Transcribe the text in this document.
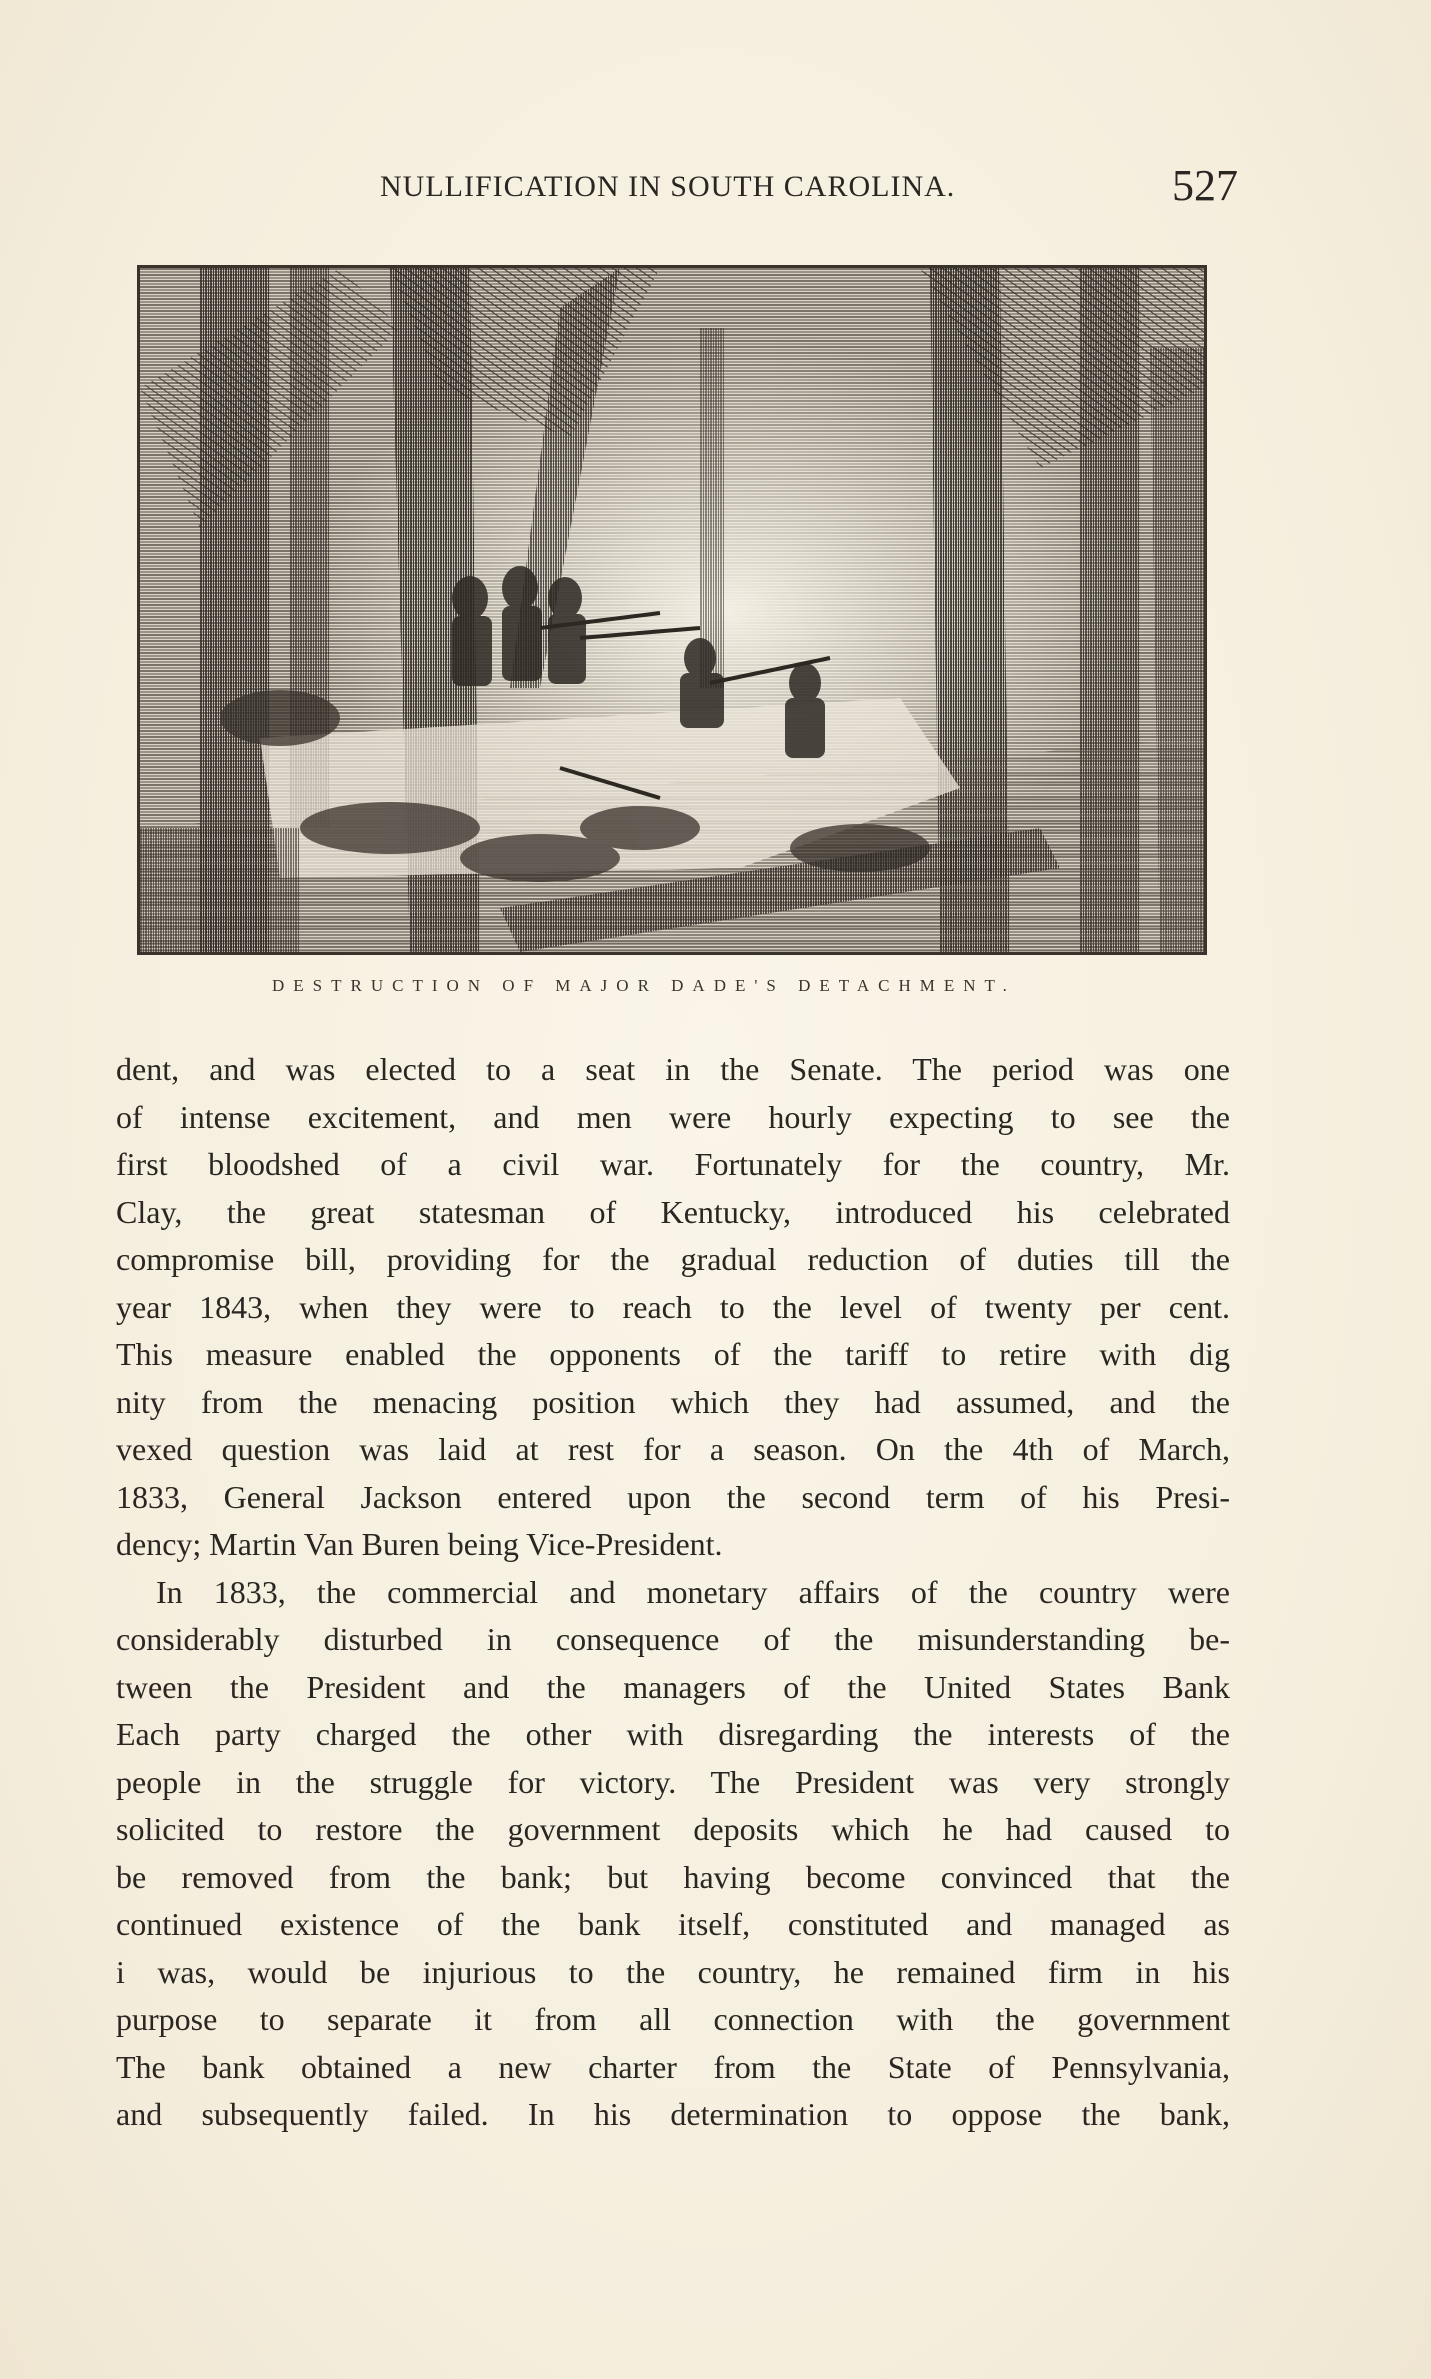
NULLIFICATION IN SOUTH CAROLINA.	527
DESTRUCTION OF MAJOR DADE'S DETACHMENT.
dent, and was elected to a seat in the Senate. The period was one
of intense excitement, and men were hourly expecting to see the
first bloodshed of a civil war. Fortunately for the country, Mr.
Clay, the great statesman of Kentucky, introduced his celebrated
compromise bill, providing for the gradual reduction of duties till the
year 1843, when they were to reach to the level of twenty per cent.
This measure enabled the opponents of the tariff to retire with dig
nity from the menacing position which they had assumed, and the
vexed question was laid at rest for a season. On the 4th of March,
1833, General Jackson entered upon the second term of his Presi-
dency; Martin Van Buren being Vice-President.
In 1833, the commercial and monetary affairs of the country were
considerably disturbed in consequence of the misunderstanding be-
tween the President and the managers of the United States Bank
Each party charged the other with disregarding the interests of the
people in the struggle for victory. The President was very strongly
solicited to restore the government deposits which he had caused to
be removed from the bank; but having become convinced that the
continued existence of the bank itself, constituted and managed as
i was, would be injurious to the country, he remained firm in his
purpose to separate it from all connection with the government
The bank obtained a new charter from the State of Pennsylvania,
and subsequently failed. In his determination to oppose the bank,
